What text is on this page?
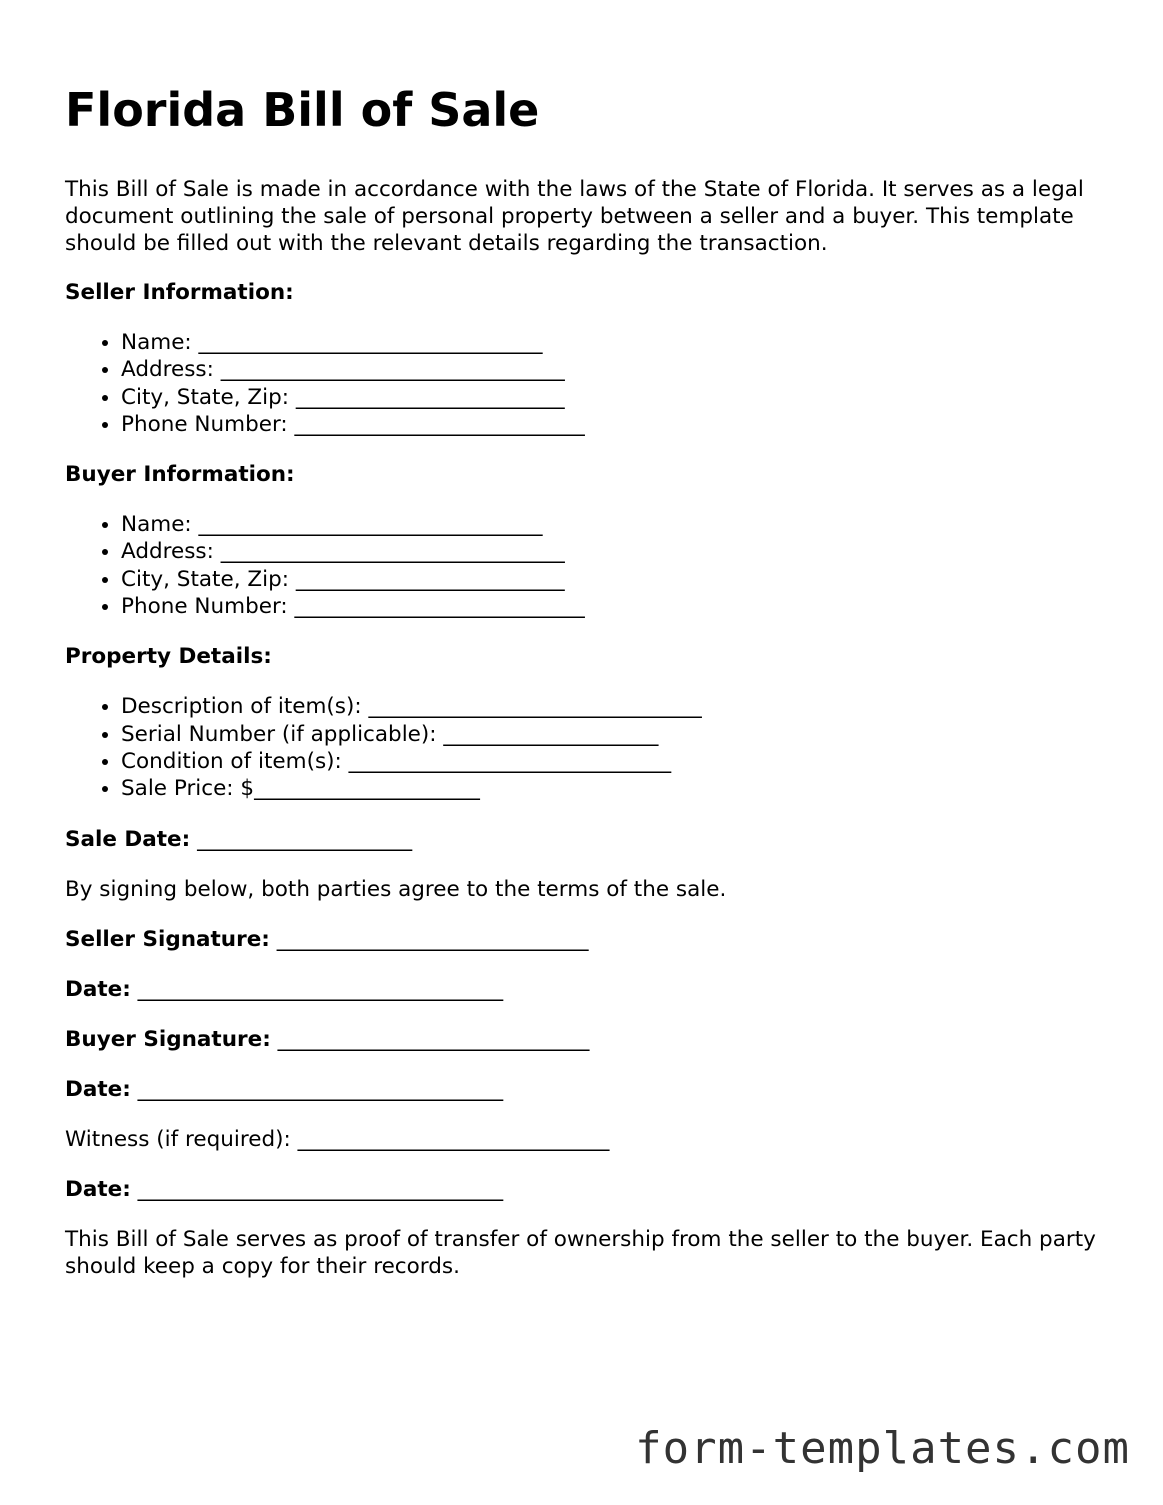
Florida Bill of Sale

This Bill of Sale is made in accordance with the laws of the State of Florida. It serves as a legal document outlining the sale of personal property between a seller and a buyer. This template should be filled out with the relevant details regarding the transaction.

Seller Information:
• Name: ________________________________
• Address: ________________________________
• City, State, Zip: _________________________
• Phone Number: ___________________________
Buyer Information:
• Name: ________________________________
• Address: ________________________________
• City, State, Zip: _________________________
• Phone Number: ___________________________
Property Details:
• Description of item(s): _______________________________
• Serial Number (if applicable): ____________________
• Condition of item(s): ______________________________
• Sale Price: $_____________________
Sale Date: ____________________

By signing below, both parties agree to the terms of the sale.

Seller Signature: _____________________________
Date: __________________________________
Buyer Signature: _____________________________
Date: __________________________________
Witness (if required): _____________________________
Date: __________________________________

This Bill of Sale serves as proof of transfer of ownership from the seller to the buyer. Each party should keep a copy for their records.

form-templates.com
